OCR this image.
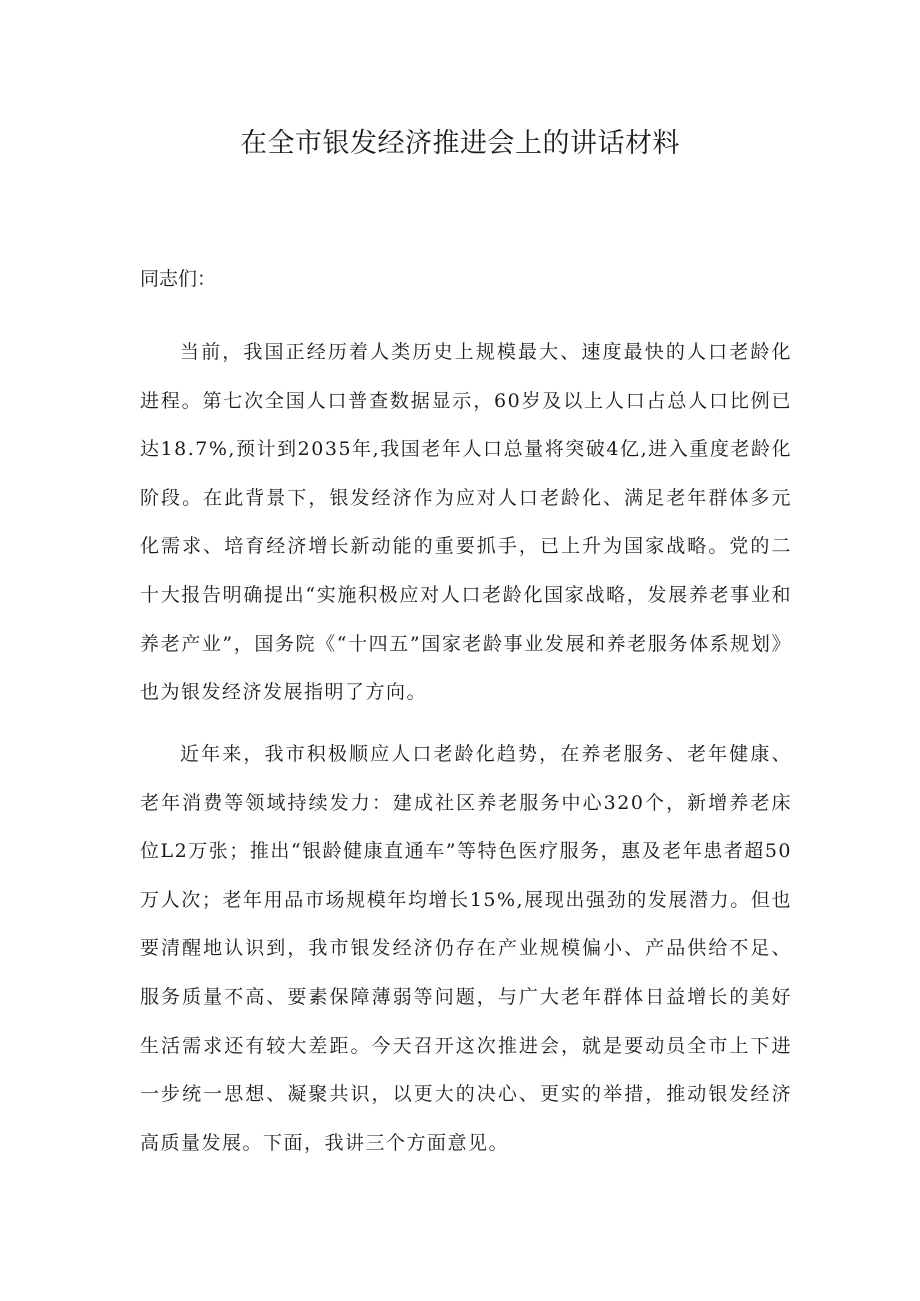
在全市银发经济推进会上的讲话材料

同志们：

当前，我国正经历着人类历史上规模最大、速度最快的人口老龄化进程。第七次全国人口普查数据显示，60岁及以上人口占总人口比例已达18.7%,预计到2035年,我国老年人口总量将突破4亿,进入重度老龄化阶段。在此背景下，银发经济作为应对人口老龄化、满足老年群体多元化需求、培育经济增长新动能的重要抓手，已上升为国家战略。党的二十大报告明确提出“实施积极应对人口老龄化国家战略，发展养老事业和养老产业”，国务院《“十四五”国家老龄事业发展和养老服务体系规划》也为银发经济发展指明了方向。

近年来，我市积极顺应人口老龄化趋势，在养老服务、老年健康、老年消费等领域持续发力：建成社区养老服务中心320个，新增养老床位L2万张；推出“银龄健康直通车”等特色医疗服务，惠及老年患者超50万人次；老年用品市场规模年均增长15%,展现出强劲的发展潜力。但也要清醒地认识到，我市银发经济仍存在产业规模偏小、产品供给不足、服务质量不高、要素保障薄弱等问题，与广大老年群体日益增长的美好生活需求还有较大差距。今天召开这次推进会，就是要动员全市上下进一步统一思想、凝聚共识，以更大的决心、更实的举措，推动银发经济高质量发展。下面，我讲三个方面意见。
